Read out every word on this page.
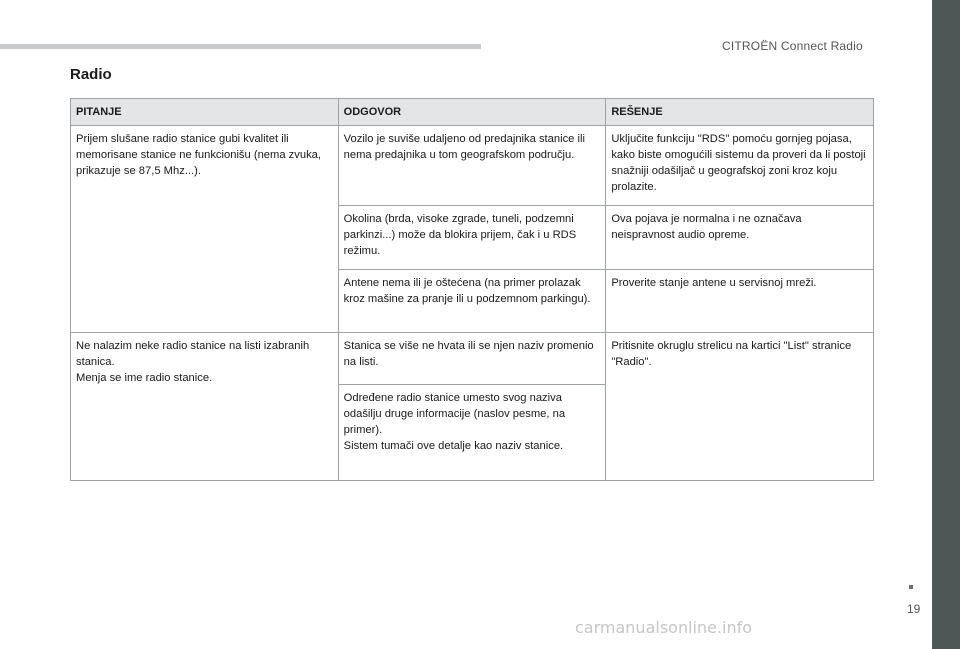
CITROËN Connect Radio
Radio
PITANJE	ODGOVOR	REŠENJE
Prijem slušane radio stanice gubi kvalitet ili memorisane stanice ne funkcionišu (nema zvuka, prikazuje se 87,5 Mhz...).	Vozilo je suviše udaljeno od predajnika stanice ili nema predajnika u tom geografskom području.	Uključite funkciju "RDS" pomoću gornjeg pojasa, kako biste omogućili sistemu da proveri da li postoji snažniji odašiljač u geografskoj zoni kroz koju prolazite.
	Okolina (brda, visoke zgrade, tuneli, podzemni parkinzi...) može da blokira prijem, čak i u RDS režimu.	Ova pojava je normalna i ne označava neispravnost audio opreme.
	Antene nema ili je oštećena (na primer prolazak kroz mašine za pranje ili u podzemnom parkingu).	Proverite stanje antene u servisnoj mreži.

Ne nalazim neke radio stanice na listi izabranih stanica.
Menja se ime radio stanice.	Stanica se više ne hvata ili se njen naziv promenio na listi.	Pritisnite okruglu strelicu na kartici "List" stranice "Radio".

	Određene radio stanice umesto svog naziva odašilju druge informacije (naslov pesme, na primer).
Sistem tumači ove detalje kao naziv stanice.	
19
carmanualsonline.info
